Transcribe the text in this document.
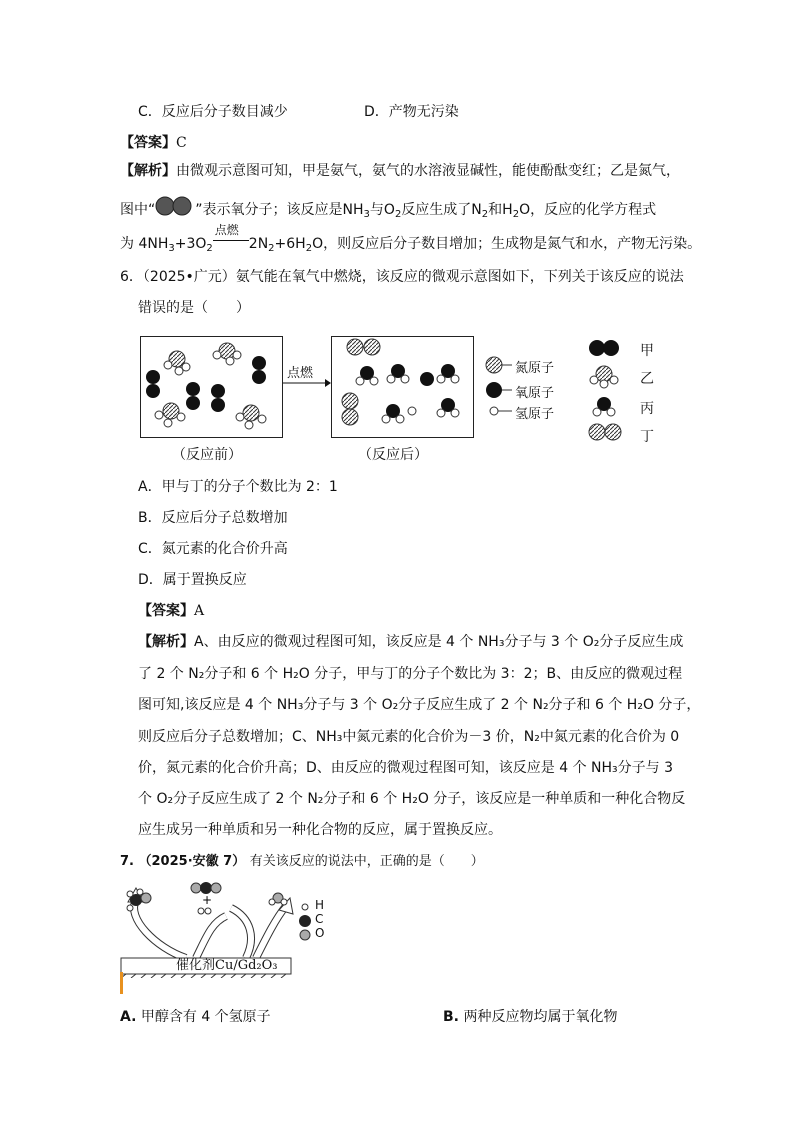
C．反应后分子数目减少	D．产物无污染
【答案】C
【解析】由微观示意图可知，甲是氨气，氨气的水溶液显碱性，能使酚酞变红；乙是氮气，
图中“	”表示氧分子；该反应是$NH_3$与$O_2$反应生成了$N_2$和$H_2O$，反应的化学方程式
为 $4NH_3+3O_2$
点燃
$2N_2+6H_2O$，则反应后分子数目增加；生成物是氮气和水，产物无污染。
6．（2025•广元）氨气能在氧气中燃烧，该反应的微观示意图如下，下列关于该反应的说法
错误的是（　　）
点燃
（反应前）	（反应后）
氮原子
氧原子
氢原子
甲
乙
丙
丁
A．甲与丁的分子个数比为 2：1
B．反应后分子总数增加
C．氮元素的化合价升高
D．属于置换反应
【答案】A
【解析】A、由反应的微观过程图可知，该反应是 4 个 NH₃分子与 3 个 O₂分子反应生成
了 2 个 N₂分子和 6 个 H₂O 分子，甲与丁的分子个数比为 3：2；B、由反应的微观过程
图可知,该反应是 4 个 NH₃分子与 3 个 O₂分子反应生成了 2 个 N₂分子和 6 个 H₂O 分子，
则反应后分子总数增加；C、NH₃中氮元素的化合价为－3 价，N₂中氮元素的化合价为 0
价，氮元素的化合价升高；D、由反应的微观过程图可知，该反应是 4 个 NH₃分子与 3
个 O₂分子反应生成了 2 个 N₂分子和 6 个 H₂O 分子，该反应是一种单质和一种化合物反
应生成另一种单质和另一种化合物的反应，属于置换反应。
7. （2025·安徽 7） 有关该反应的说法中，正确的是（　　）
+
催化剂Cu/Gd₂O₃
H
C
O
A. 甲醇含有 4 个氢原子	B. 两种反应物均属于氧化物
